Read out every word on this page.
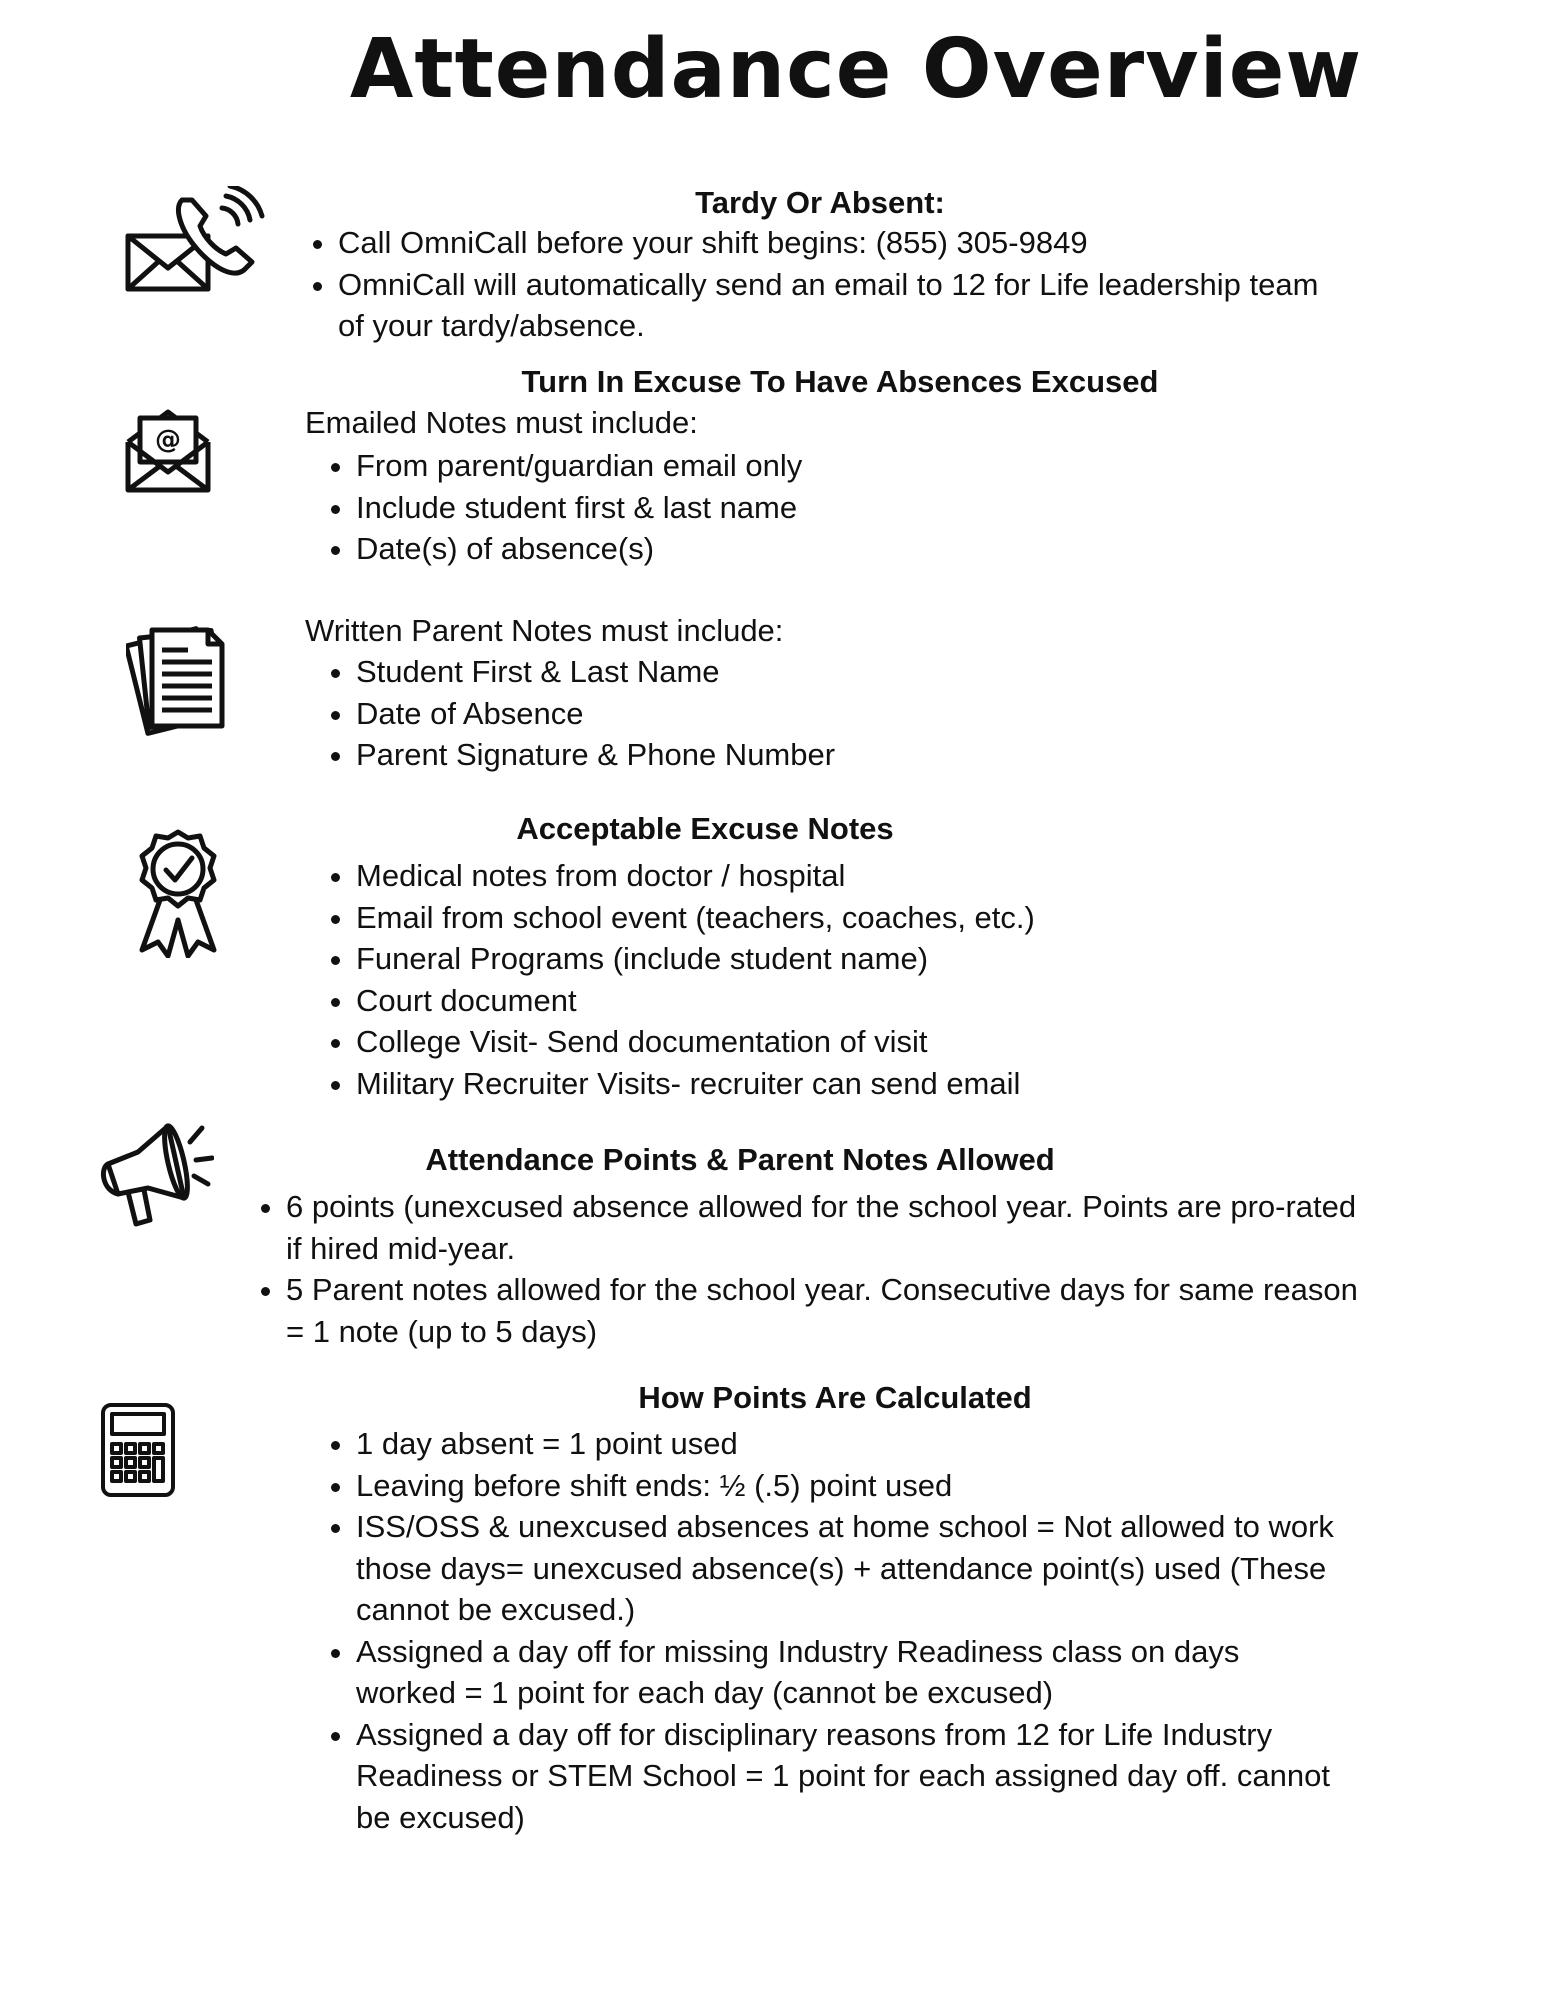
Attendance Overview
Tardy Or Absent:
• Call OmniCall before your shift begins: (855) 305-9849
• OmniCall will automatically send an email to 12 for Life leadership team of your tardy/absence.
Turn In Excuse To Have Absences Excused
@	Emailed Notes must include:
• From parent/guardian email only
• Include student first & last name
• Date(s) of absence(s)
Written Parent Notes must include:
• Student First & Last Name
• Date of Absence
• Parent Signature & Phone Number
Acceptable Excuse Notes
• Medical notes from doctor / hospital
• Email from school event (teachers, coaches, etc.)
• Funeral Programs (include student name)
• Court document
• College Visit- Send documentation of visit
• Military Recruiter Visits- recruiter can send email
Attendance Points & Parent Notes Allowed
• 6 points (unexcused absence allowed for the school year. Points are pro-rated if hired mid-year.
• 5 Parent notes allowed for the school year. Consecutive days for same reason = 1 note (up to 5 days)
How Points Are Calculated
• 1 day absent = 1 point used
• Leaving before shift ends: ½ (.5) point used
• ISS/OSS & unexcused absences at home school = Not allowed to work those days= unexcused absence(s) + attendance point(s) used (These cannot be excused.)
• Assigned a day off for missing Industry Readiness class on days worked = 1 point for each day (cannot be excused)
• Assigned a day off for disciplinary reasons from 12 for Life Industry Readiness or STEM School = 1 point for each assigned day off. cannot be excused)
